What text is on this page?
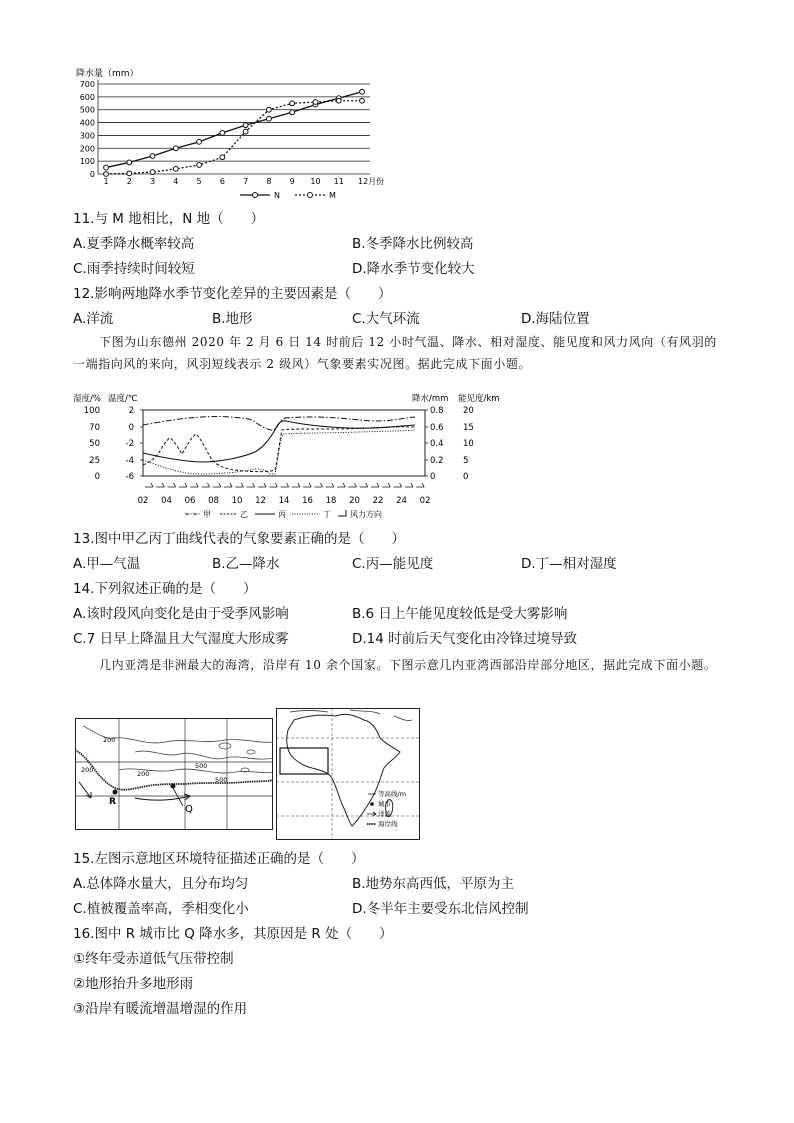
降水量（mm）
700
600
500
400
300
200
100
0
1 2 3 4 5 6 7 8 9 10 11 12月份
N	M
11.与 M 地相比，N 地（　　）
A.夏季降水概率较高	B.冬季降水比例较高
C.雨季持续时间较短	D.降水季节变化较大
12.影响两地降水季节变化差异的主要因素是（　　）
A.洋流	B.地形	C.大气环流	D.海陆位置
下图为山东德州 2020 年 2 月 6 日 14 时前后 12 小时气温、降水、相对湿度、能见度和风力风向（有风羽的一端指向风的来向，风羽短线表示 2 级风）气象要素实况图。据此完成下面小题。
湿度/% 温度/℃	降水/mm 能见度/km
100	2	0.8 20
70	0	0.6 15
50	-2	0.4 10
25	-4	0.2 5
0	-6	0	0
02 04 06 08 10 12 14 16 18 20 22 24 02
甲	乙	丙	丁 风力方向
13.图中甲乙丙丁曲线代表的气象要素正确的是（　　）
A.甲—气温	B.乙—降水	C.丙—能见度	D.丁—相对湿度
14.下列叙述正确的是（　　）
A.该时段风向变化是由于受季风影响	B.6 日上午能见度较低是受大雾影响
C.7 日早上降温且大气湿度大形成雾	D.14 时前后天气变化由冷锋过境导致
几内亚湾是非洲最大的海湾，沿岸有 10 余个国家。下图示意几内亚湾西部沿岸部分地区，据此完成下面小题。
200
200	200
500
500
R
Q
等高线/m
城市
洋流
海岸线
15.左图示意地区环境特征描述正确的是（　　）
A.总体降水量大，且分布均匀	B.地势东高西低，平原为主
C.植被覆盖率高，季相变化小	D.冬半年主要受东北信风控制
16.图中 R 城市比 Q 降水多，其原因是 R 处（　　）
①终年受赤道低气压带控制
②地形抬升多地形雨
③沿岸有暖流增温增湿的作用
